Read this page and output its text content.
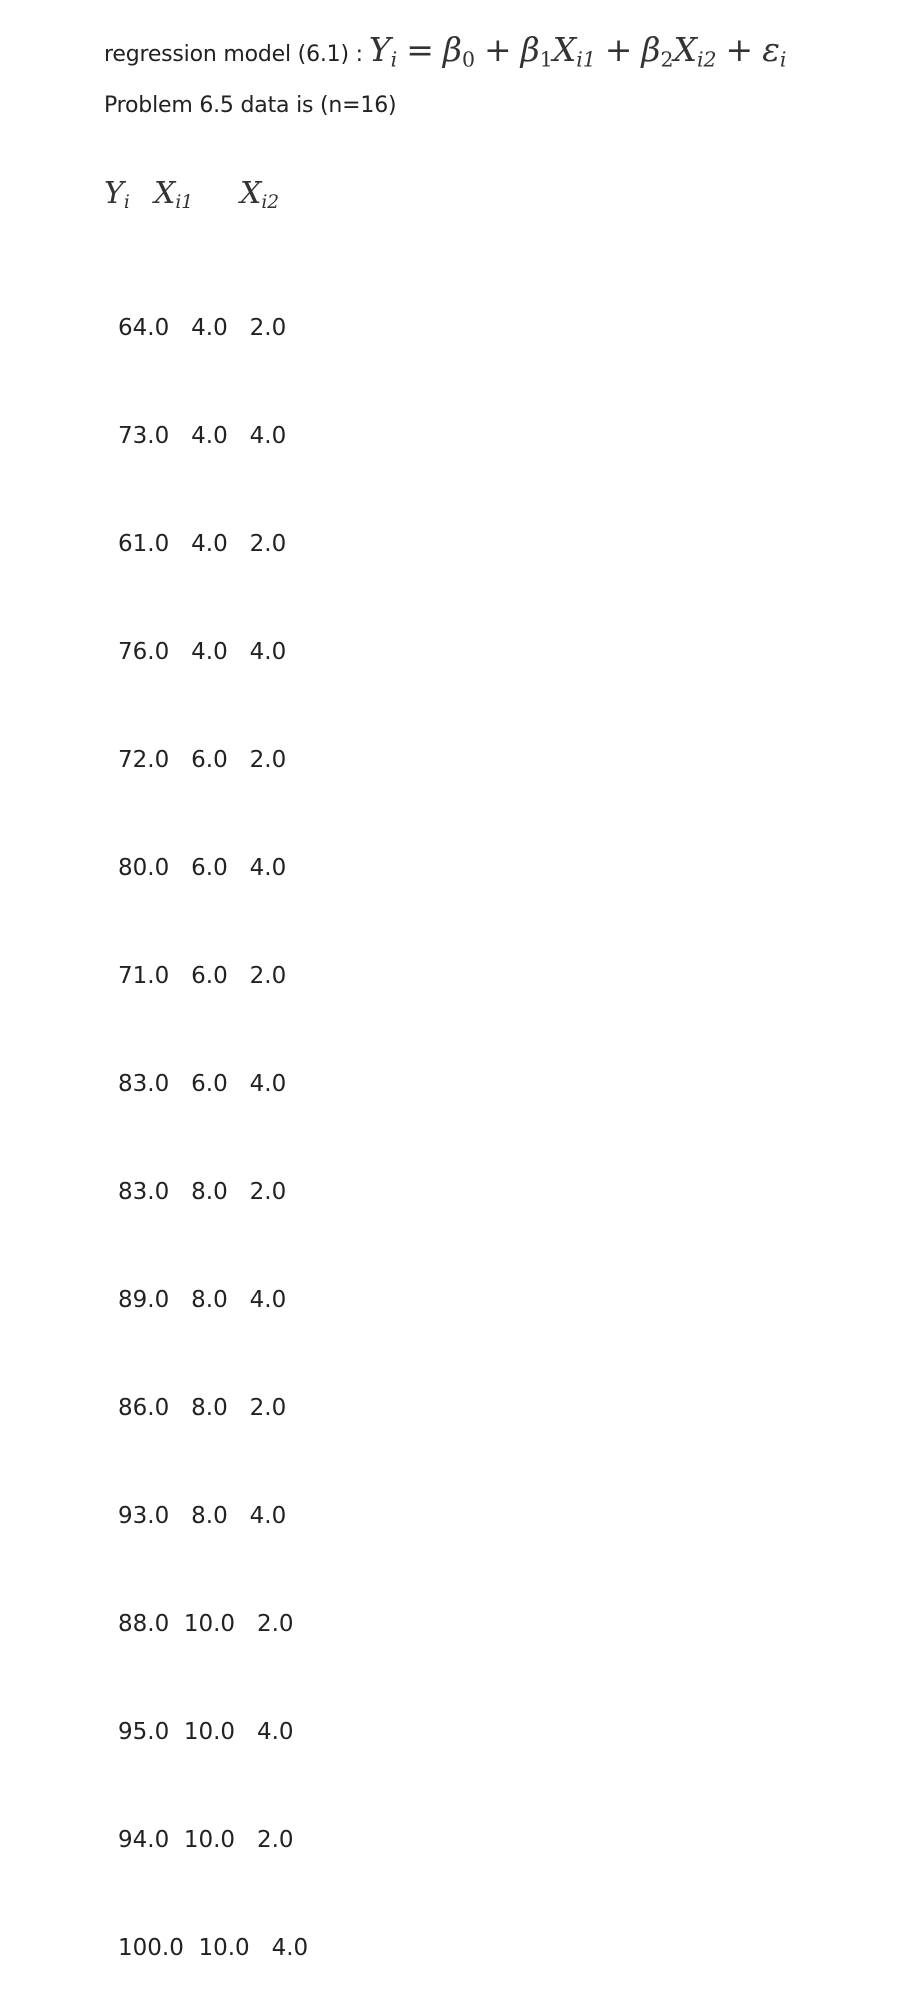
regression model (6.1) : $Y_i = \beta_0 + \beta_1X_{i1} + \beta_2X_{i2} + \varepsilon_i$
Problem 6.5 data is (n=16)
$Y_i$ $X_{i1}$ $X_{i2}$

64.0   4.0   2.0

73.0   4.0   4.0

61.0   4.0   2.0

76.0   4.0   4.0

72.0   6.0   2.0

80.0   6.0   4.0

71.0   6.0   2.0

83.0   6.0   4.0

83.0   8.0   2.0

89.0   8.0   4.0

86.0   8.0   2.0

93.0   8.0   4.0

88.0  10.0   2.0

95.0  10.0   4.0

94.0  10.0   2.0

100.0  10.0   4.0
